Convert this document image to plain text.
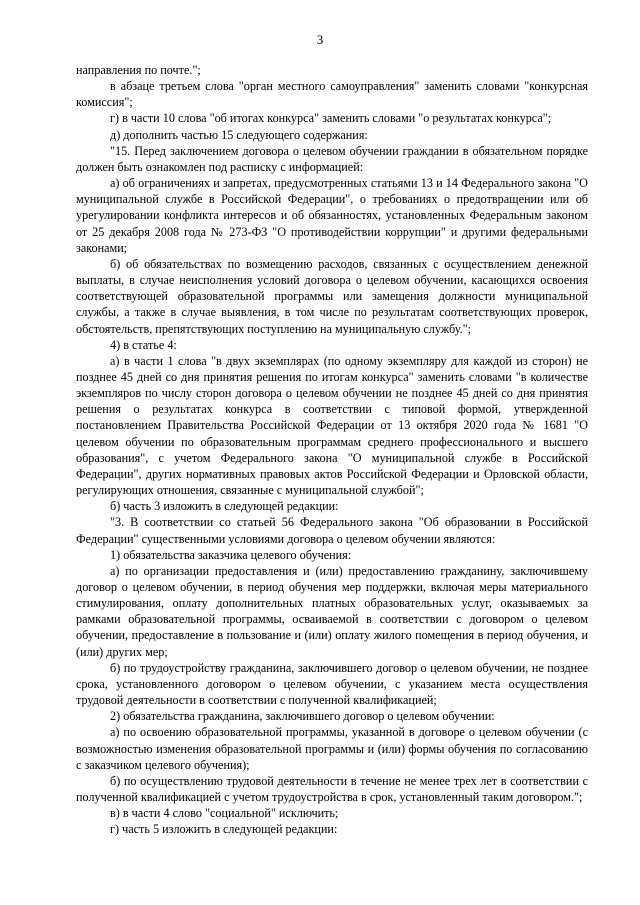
3

направления по почте.";

в абзаце третьем слова "орган местного самоуправления" заменить словами "конкурсная комиссия";

г) в части 10 слова "об итогах конкурса" заменить словами "о результатах конкурса";

д) дополнить частью 15 следующего содержания:

"15. Перед заключением договора о целевом обучении граждании в обязательном порядке должен быть ознакомлен под расписку с информацией:

а) об ограничениях и запретах, предусмотренных статьями 13 и 14 Федерального закона "О муниципальной службе в Российской Федерации", о требованиях о предотвращении или об урегулировании конфликта интересов и об обязанностях, установленных Федеральным законом от 25 декабря 2008 года № 273-ФЗ "О противодействии коррупции" и другими федеральными законами;

б) об обязательствах по возмещению расходов, связанных с осуществлением денежной выплаты, в случае неисполнения условий договора о целевом обучении, касающихся освоения соответствующей образовательной программы или замещения должности муниципальной службы, а также в случае выявления, в том числе по результатам соответствующих проверок, обстоятельств, препятствующих поступлению на муниципальную службу.";

4) в статье 4:

а) в части 1 слова "в двух экземплярах (по одному экземпляру для каждой из сторон) не позднее 45 дней со дня принятия решения по итогам конкурса" заменить словами "в количестве экземпляров по числу сторон договора о целевом обучении не позднее 45 дней со дня принятия решения о результатах конкурса в соответствии с типовой формой, утвержденной постановлением Правительства Российской Федерации от 13 октября 2020 года № 1681 "О целевом обучении по образовательным программам среднего профессионального и высшего образования", с учетом Федерального закона "О муниципальной службе в Российской Федерации", других нормативных правовых актов Российской Федерации и Орловской области, регулирующих отношения, связанные с муниципальной службой";

б) часть 3 изложить в следующей редакции:

"3. В соответствии со статьей 56 Федерального закона "Об образовании в Российской Федерации" существенными условиями договора о целевом обучении являются:

1) обязательства заказчика целевого обучения:

а) по организации предоставления и (или) предоставлению гражданину, заключившему договор о целевом обучении, в период обучения мер поддержки, включая меры материального стимулирования, оплату дополнительных платных образовательных услуг, оказываемых за рамками образовательной программы, осваиваемой в соответствии с договором о целевом обучении, предоставление в пользование и (или) оплату жилого помещения в период обучения, и (или) других мер;

б) по трудоустройству гражданина, заключившего договор о целевом обучении, не позднее срока, установленного договором о целевом обучении, с указанием места осуществления трудовой деятельности в соответствии с полученной квалификацией;

2) обязательства гражданина, заключившего договор о целевом обучении:

а) по освоению образовательной программы, указанной в договоре о целевом обучении (с возможностью изменения образовательной программы и (или) формы обучения по согласованию с заказчиком целевого обучения);

б) по осуществлению трудовой деятельности в течение не менее трех лет в соответствии с полученной квалификацией с учетом трудоустройства в срок, установленный таким договором.";

в) в части 4 слово "социальной" исключить;

г) часть 5 изложить в следующей редакции:
